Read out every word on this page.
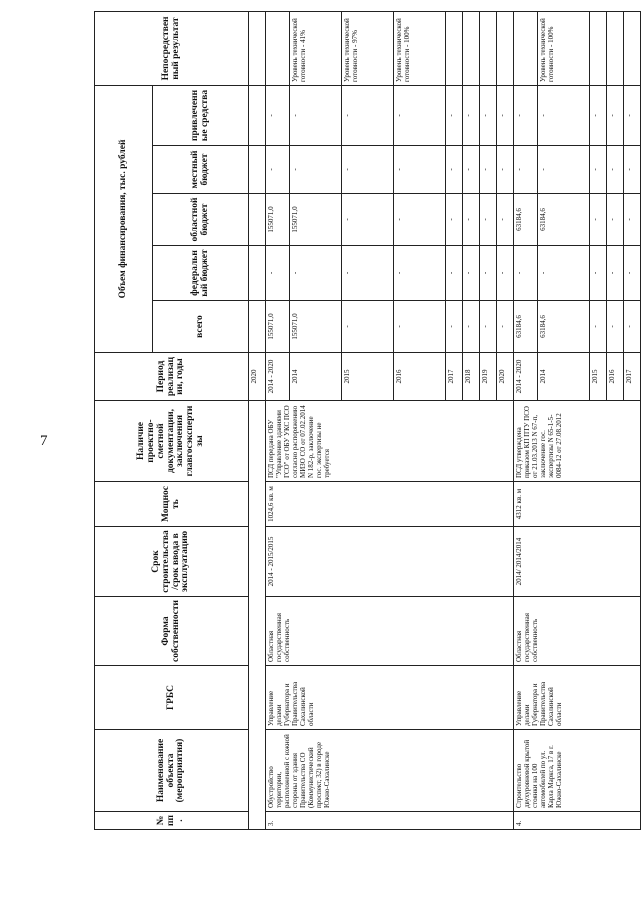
7
№ пп.	Наименование объекта (мероприятия)	ГРБС	Форма собственности	Срок строительства/срок ввода в эксплуатацию	Мощность	Наличие проектно-сметной документации, заключения главгосэкспертизы	Период реализации, годы	Объем финансирования, тыс. рублей					Непосредственный результат
								всего	федеральный бюджет	областной бюджет	местный бюджет	привлеченные средства	
							2020						
3.	Обустройство территории, расположенной с южной стороны от здания Правительства СО (Коммунистический проспект, 32) в городе Южно-Сахалинске	Управление делами Губернатора и Правительства Сахалинской области	Областная государственная собственность	2014 - 2015/2015	1024,6 кв. м	ПСД передана ОБУ "Управление зданиями ГСО" от ОБУ УКС ПСО согласно распоряжению МИЗО СО от 07.02.2014 N 182-р, заключение гос. экспертизы не требуется	2014 - 2020	155071,0	-	155071,0	-	-	
							2014	155071,0	-	155071,0	-	-	Уровень технической готовности - 41%
							2015	-	-	-	-	-	Уровень технической готовности - 97%
							2016	-	-	-	-	-	Уровень технической готовности - 100%
							2017	-	-	-	-	-	
							2018	-	-	-	-	-	
							2019	-	-	-	-	-	
							2020	-	-	-	-	-	
4.	Строительство двухуровневой крытой стоянки на 100 автомобилей по ул. Карла Маркса, 17 в г. Южно-Сахалинске	Управление делами Губернатора и Правительства Сахалинской области	Областная государственная собственность	2014/ 2014/2014	4312 кв. м	ПСД утверждена приказом КП ПТУ ПСО от 21.03.2013 N 67-п, заключение гос. экспертизы N 65-1-5-0084-12 от 27.08.2012	2014 - 2020	63184,6	-	63184,6	-	-	
							2014	63184,6	-	63184,6	-	-	Уровень технической готовности - 100%
							2015	-	-	-	-	-	
							2016	-	-	-	-	-	
							2017	-	-	-	-	-	
